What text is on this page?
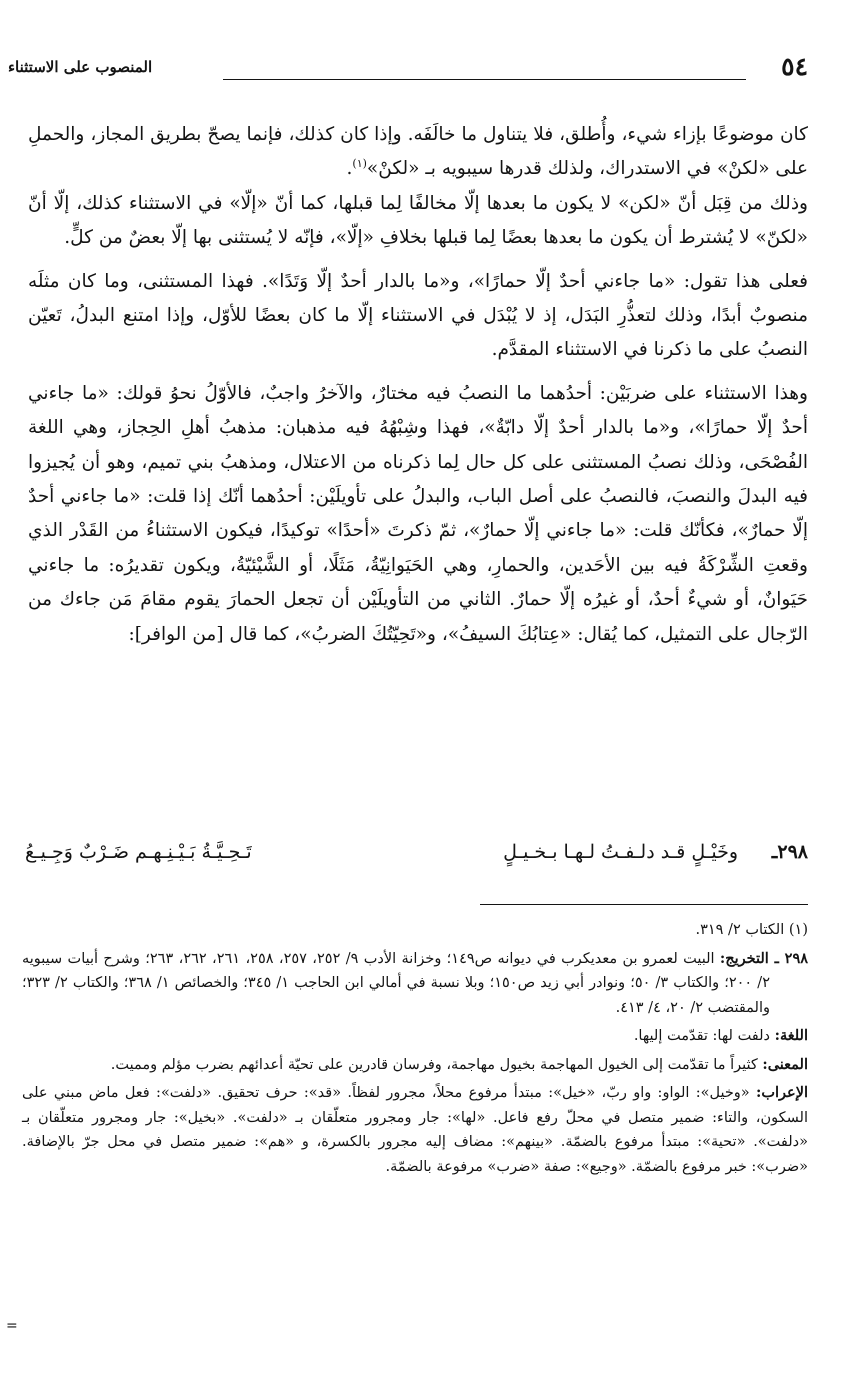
٥٤
المنصوب على الاستثناء

كان موضوعًا بإزاء شيء، وأُطلق، فلا يتناول ما خالَفَه. وإذا كان كذلك، فإنما يصحّ بطريق المجاز، والحملِ على «لكنْ» في الاستدراك، ولذلك قدرها سيبويه بـ «لكنْ»$^{(١)}$.

وذلك من قِبَل أنّ «لكن» لا يكون ما بعدها إلّا مخالفًا لِما قبلها، كما أنّ «إلّا» في الاستثناء كذلك، إلّا أنّ «لكنّ» لا يُشترط أن يكون ما بعدها بعضًا لِما قبلها بخلافِ «إلّا»، فإنّه لا يُستثنى بها إلّا بعضٌ من كلٍّ.

فعلى هذا تقول: «ما جاءني أحدٌ إلّا حمارًا»، و«ما بالدار أحدٌ إلّا وَتَدًا». فهذا المستثنى، وما كان مثلَه منصوبٌ أبدًا، وذلك لتعذُّرِ البَدَل، إذ لا يُبْدَل في الاستثناء إلّا ما كان بعضًا للأوّل، وإذا امتنع البدلُ، تَعيّن النصبُ على ما ذكرنا في الاستثناء المقدَّم.

وهذا الاستثناء على ضربَيْن: أحدُهما ما النصبُ فيه مختارٌ، والآخرُ واجبٌ، فالأوّلُ نحوُ قولك: «ما جاءني أحدٌ إلّا حمارًا»، و«ما بالدار أحدٌ إلّا دابّةٌ»، فهذا وشِبْهُهُ فيه مذهبان: مذهبُ أهلِ الحِجاز، وهي اللغة الفُصْحَى، وذلك نصبُ المستثنى على كل حال لِما ذكرناه من الاعتلال، ومذهبُ بني تميم، وهو أن يُجيزوا فيه البدلَ والنصبَ، فالنصبُ على أصل الباب، والبدلُ على تأويلَيْن: أحدُهما أنّك إذا قلت: «ما جاءني أحدٌ إلّا حمارٌ»، فكأنّك قلت: «ما جاءني إلّا حمارٌ»، ثمّ ذكرتَ «أحدًا» توكيدًا، فيكون الاستثناءُ من القَدْر الذي وقعتِ الشِّرْكَةُ فيه بين الأحَدين، والحمارِ، وهي الحَيَوانِيّةُ، مَثَلًا، أو الشَّيْئيّةُ، ويكون تقديرُه: ما جاءني حَيَوانٌ، أو شيءٌ أحدٌ، أو غيرُه إلّا حمارٌ. الثاني من التأويلَيْن أن تجعل الحمارَ يقوم مقامَ مَن جاءك من الرّجال على التمثيل، كما يُقال: «عِتابُكَ السيفُ»، و«تَحِيّتُكَ الضربُ»، كما قال [من الوافر]:

٢٩٨ـ
وخَيْـلٍ قـد دلـفـتُ لـهـا بـخـيـلٍ
تَـحِـيَّـةُ بَـيْـنِـهـم ضَـرْبٌ وَجِـيـعُ

(١) الكتاب ٢/ ٣١٩.

٢٩٨ ـ التخريج: البيت لعمرو بن معديكرب في ديوانه ص١٤٩؛ وخزانة الأدب ٩/ ٢٥٢، ٢٥٧، ٢٥٨، ٢٦١، ٢٦٢، ٢٦٣؛ وشرح أبيات سيبويه ٢/ ٢٠٠؛ والكتاب ٣/ ٥٠؛ ونوادر أبي زيد ص١٥٠؛ وبلا نسبة في أمالي ابن الحاجب ١/ ٣٤٥؛ والخصائص ١/ ٣٦٨؛ والكتاب ٢/ ٣٢٣؛ والمقتضب ٢/ ٢٠، ٤/ ٤١٣.

اللغة: دلفت لها: تقدّمت إليها.

المعنى: كثيراً ما تقدّمت إلى الخيول المهاجمة بخيول مهاجمة، وفرسان قادرين على تحيّة أعدائهم بضرب مؤلم ومميت.

الإعراب: «وخيل»: الواو: واو ربّ، «خيل»: مبتدأ مرفوع محلاً، مجرور لفظاً. «قد»: حرف تحقيق. «دلفت»: فعل ماض مبني على السكون، والتاء: ضمير متصل في محلّ رفع فاعل. «لها»: جار ومجرور متعلّقان بـ «دلفت». «بخيل»: جار ومجرور متعلّقان بـ «دلفت». «تحية»: مبتدأ مرفوع بالضمّة. «بينهم»: مضاف إليه مجرور بالكسرة، و «هم»: ضمير متصل في محل جرّ بالإضافة. «ضرب»: خبر مرفوع بالضمّة. «وجيع»: صفة «ضرب» مرفوعة بالضمّة.

=
